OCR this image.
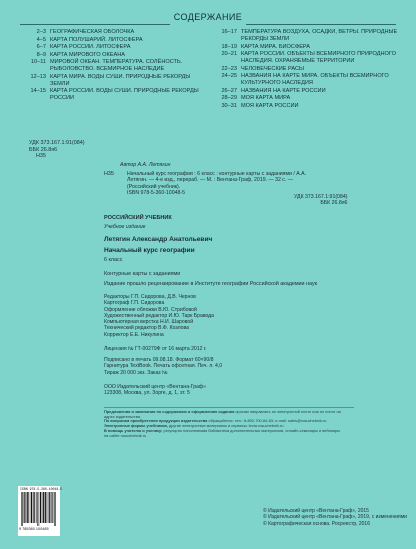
СОДЕРЖАНИЕ
2–3 ГЕОГРАФИЧЕСКАЯ ОБОЛОЧКА
4–5 КАРТА ПОЛУШАРИЙ. ЛИТОСФЕРА
6–7 КАРТА РОССИИ. ЛИТОСФЕРА
8–9 КАРТА МИРОВОГО ОКЕАНА
10–11 МИРОВОЙ ОКЕАН. ТЕМПЕРАТУРА. СОЛЁНОСТЬ. РЫБОЛОВСТВО. ВСЕМИРНОЕ НАСЛЕДИЕ
12–13 КАРТА МИРА. ВОДЫ СУШИ. ПРИРОДНЫЕ РЕКОРДЫ ЗЕМЛИ
14–15 КАРТА РОССИИ. ВОДЫ СУШИ. ПРИРОДНЫЕ РЕКОРДЫ РОССИИ
16–17 ТЕМПЕРАТУРА ВОЗДУХА, ОСАДКИ, ВЕТРЫ. ПРИРОДНЫЕ РЕКОРДЫ ЗЕМЛИ
18–19 КАРТА МИРА. БИОСФЕРА
20–21 КАРТА РОССИИ. ОБЪЕКТЫ ВСЕМИРНОГО ПРИРОДНОГО НАСЛЕДИЯ. ОХРАНЯЕМЫЕ ТЕРРИТОРИИ
22–23 ЧЕЛОВЕЧЕСКИЕ РАСЫ
24–25 НАЗВАНИЯ НА КАРТЕ МИРА. ОБЪЕКТЫ ВСЕМИРНОГО КУЛЬТУРНОГО НАСЛЕДИЯ
26–27 НАЗВАНИЯ НА КАРТЕ РОССИИ
28–29 МОЯ КАРТА МИРА
30–31 МОЯ КАРТА РОССИИ
УДК 373.167.1:91(084)
ББК 26.8я6
Н35
Автор А.А. Летягин
Н35	Начальный курс географии : 6 класс : контурные карты с заданиями / А.А. Летягин. — 4-е изд., перераб. — М. : Вентана-Граф, 2019. — 32 с. — (Российский учебник).
ISBN 978-5-360-10048-5
УДК 373.167.1:91(084)
ББК 26.8я6
РОССИЙСКИЙ УЧЕБНИК
Учебное издание
Летягин Александр Анатольевич
Начальный курс географии
6 класс
Контурные карты с заданиями
Издание прошло рецензирование в Институте географии Российской академии наук
Редакторы Г.П. Сидорова, Д.В. Чернов
Картограф Г.П. Сидорова
Оформление обложки В.Ю. Стрибовой
Художественный редактор И.Ю. Тарк Бравода
Компьютерная верстка Н.И. Шаровой
Технический редактор В.Ф. Козлова
Корректор Е.Е. Никулина
Лицензия № ГТ-00279Ф от 16 марта 2012 г.
Подписано в печать 09.08.18. Формат 60×90/8
Гарнитура TextBook. Печать офсетная. Печ. л. 4,0
Тираж 20 000 экз. Заказ №
ООО Издательский центр «Вентана-Граф»
123308, Москва, ул. Зорге, д. 1, эт. 5
Предложения и замечания по содержанию и оформлению издания просим направлять по электронной почте или по почте на адрес издательства
По вопросам приобретения продукции издательства обращайтесь: тел.: 8-800-700-64-83; e-mail: sales@rosuchebnik.ru
Электронные формы учебников, другие электронные материалы и сервисы: lecta.rosuchebnik.ru
В помощь учителю и ученику: регулярно пополняемая библиотека дополнительных материалов, онлайн-семинары и вебинары на сайте rosuchebnik.ru
ISBN 978-5-360-10048-5
9 785360 100485
© Издательский центр «Вентана-Граф», 2015
© Издательский центр «Вентана-Граф», 2019, с изменениями
© Картографическая основа. Росреестр, 2016
